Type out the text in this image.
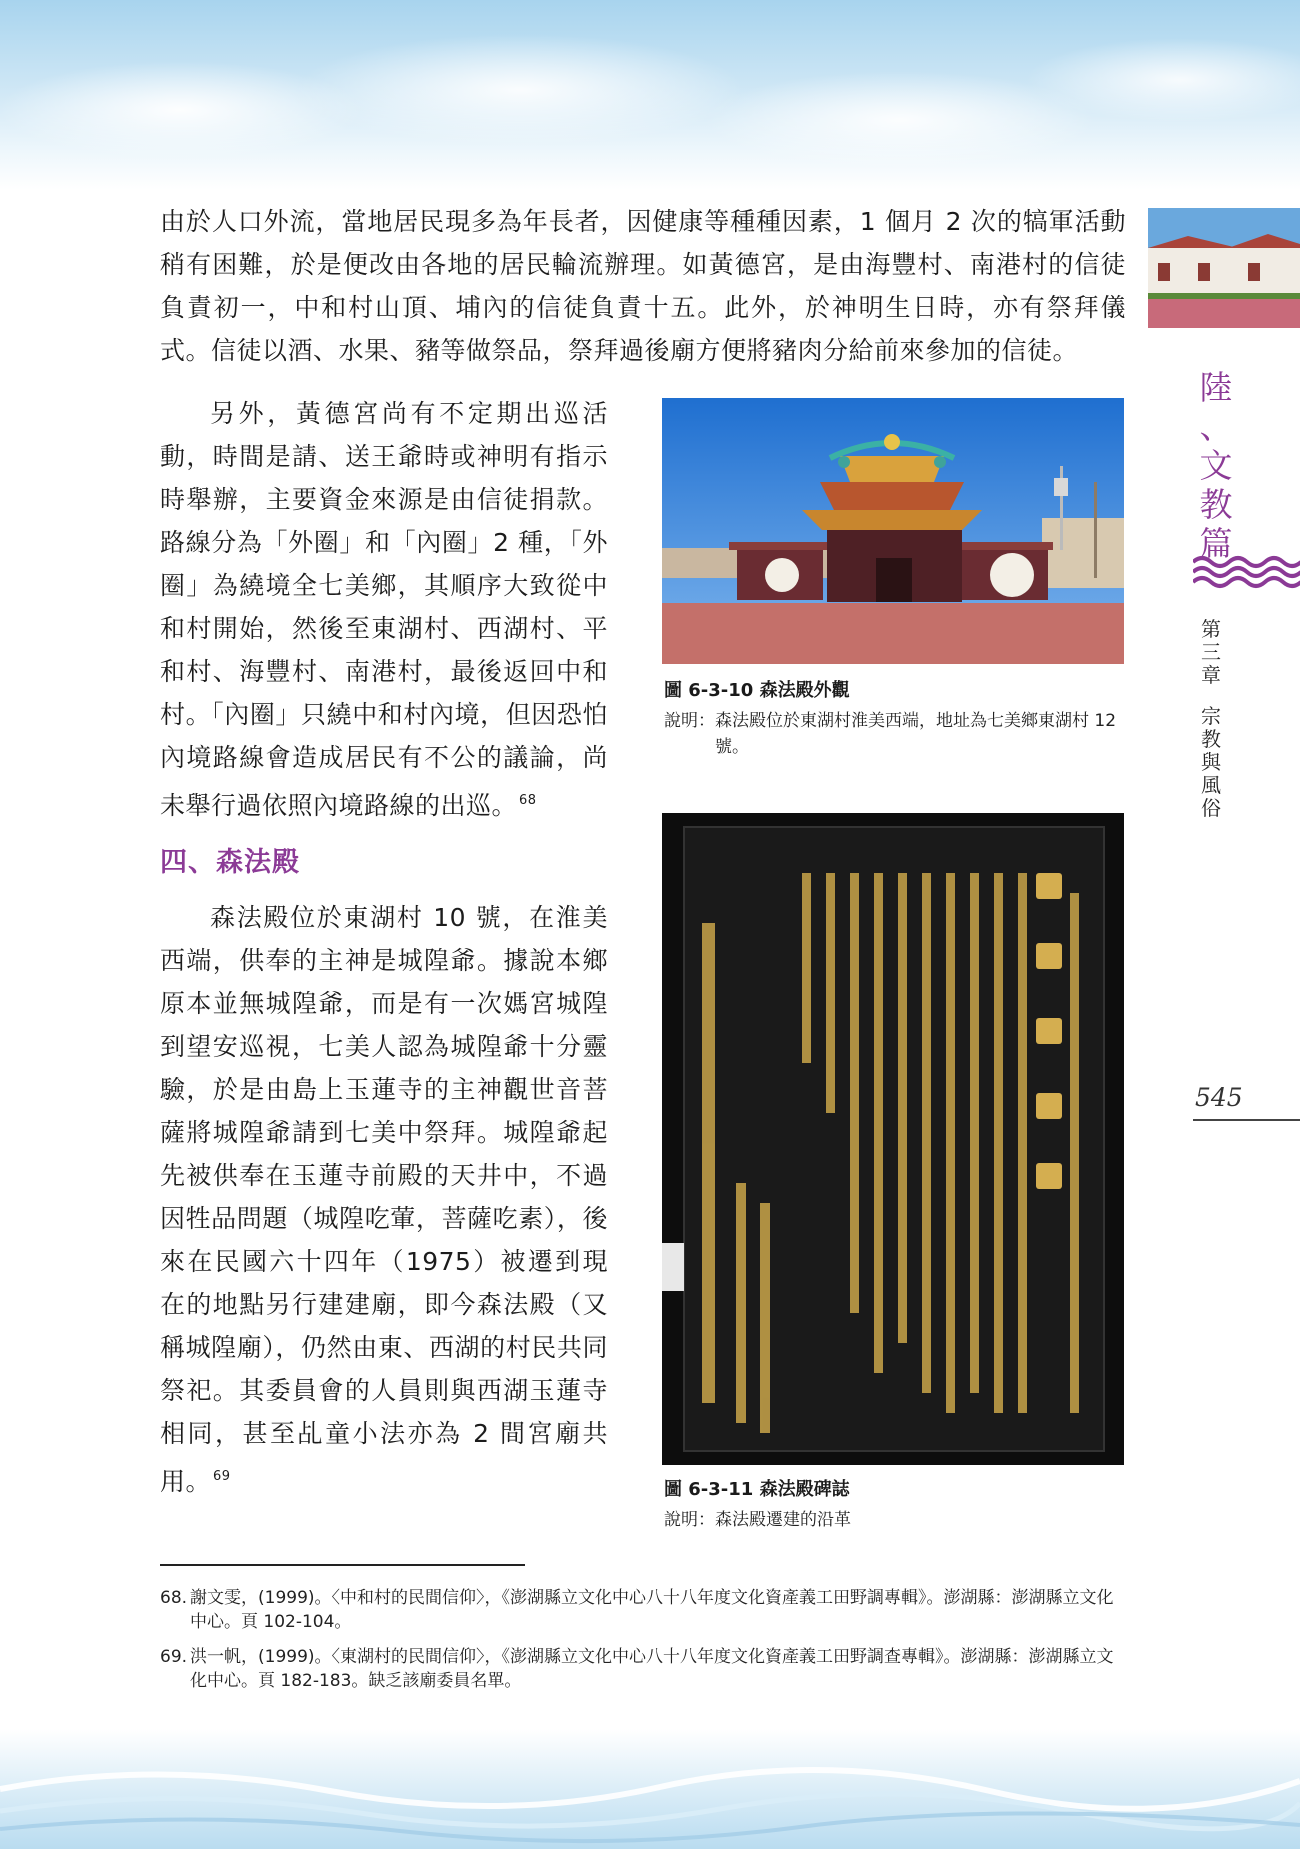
由於人口外流，當地居民現多為年長者，因健康等種種因素，1 個月 2 次的犒軍活動稍有困難，於是便改由各地的居民輪流辦理。如黃德宮，是由海豐村、南港村的信徒負責初一，中和村山頂、埔內的信徒負責十五。此外，於神明生日時，亦有祭拜儀式。信徒以酒、水果、豬等做祭品，祭拜過後廟方便將豬肉分給前來參加的信徒。

另外，黃德宮尚有不定期出巡活動，時間是請、送王爺時或神明有指示時舉辦，主要資金來源是由信徒捐款。路線分為「外圈」和「內圈」2 種，「外圈」為繞境全七美鄉，其順序大致從中和村開始，然後至東湖村、西湖村、平和村、海豐村、南港村，最後返回中和村。「內圈」只繞中和村內境，但因恐怕內境路線會造成居民有不公的議論，尚未舉行過依照內境路線的出巡。 $^{68}$

四、森法殿

森法殿位於東湖村 10 號，在淮美西端，供奉的主神是城隍爺。據說本鄉原本並無城隍爺，而是有一次媽宮城隍到望安巡視，七美人認為城隍爺十分靈驗，於是由島上玉蓮寺的主神觀世音菩薩將城隍爺請到七美中祭拜。城隍爺起先被供奉在玉蓮寺前殿的天井中，不過因牲品問題（城隍吃葷，菩薩吃素），後來在民國六十四年（1975）被遷到現在的地點另行建建廟，即今森法殿（又稱城隍廟），仍然由東、西湖的村民共同祭祀。其委員會的人員則與西湖玉蓮寺相同，甚至乩童小法亦為 2 間宮廟共用。 $^{69}$

圖 6-3-10 森法殿外觀

說明： 森法殿位於東湖村淮美西端，地址為七美鄉東湖村 12 號。

圖 6-3-11 森法殿碑誌

說明： 森法殿遷建的沿革

68. 謝文雯，(1999)。〈中和村的民間信仰〉，《澎湖縣立文化中心八十八年度文化資產義工田野調專輯》。澎湖縣：澎湖縣立文化中心。頁 102-104。

69. 洪一帆，(1999)。〈東湖村的民間信仰〉，《澎湖縣立文化中心八十八年度文化資產義工田野調查專輯》。澎湖縣：澎湖縣立文化中心。頁 182-183。缺乏該廟委員名單。

陸
、
文
教
篇
第
三
章
宗
教
與
風
俗

545
